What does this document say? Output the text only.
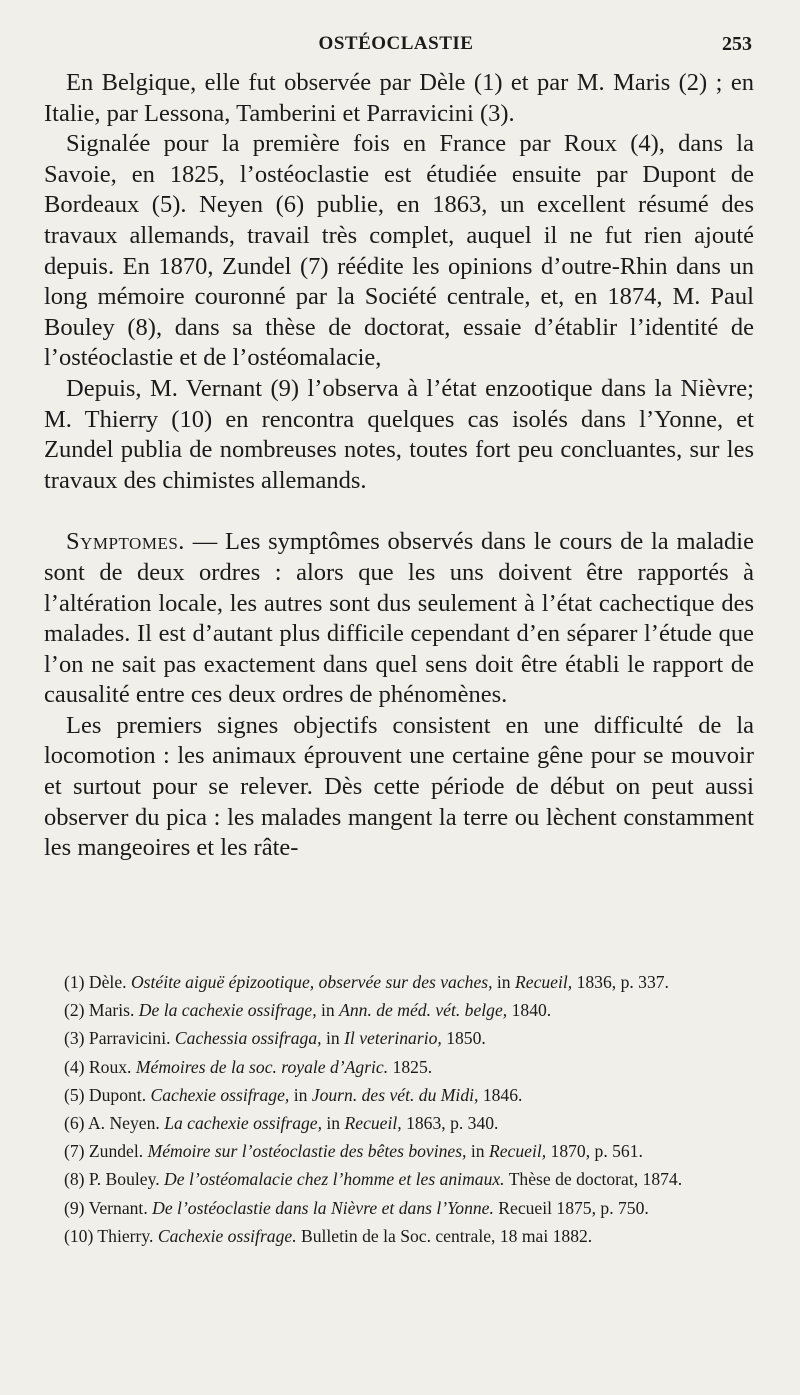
OSTÉOCLASTIE	253

En Belgique, elle fut observée par Dèle (1) et par M. Maris (2) ; en Italie, par Lessona, Tamberini et Parravicini (3).

Signalée pour la première fois en France par Roux (4), dans la Savoie, en 1825, l’ostéoclastie est étudiée ensuite par Dupont de Bordeaux (5). Neyen (6) publie, en 1863, un excellent résumé des travaux allemands, travail très complet, auquel il ne fut rien ajouté depuis. En 1870, Zundel (7) réédite les opinions d’outre-Rhin dans un long mémoire couronné par la Société centrale, et, en 1874, M. Paul Bouley (8), dans sa thèse de doctorat, essaie d’établir l’identité de l’ostéoclastie et de l’ostéomalacie,

Depuis, M. Vernant (9) l’observa à l’état enzootique dans la Nièvre; M. Thierry (10) en rencontra quelques cas isolés dans l’Yonne, et Zundel publia de nombreuses notes, toutes fort peu concluantes, sur les travaux des chimistes allemands.

Symptomes. — Les symptômes observés dans le cours de la maladie sont de deux ordres : alors que les uns doivent être rapportés à l’altération locale, les autres sont dus seulement à l’état cachectique des malades. Il est d’autant plus difficile cependant d’en séparer l’étude que l’on ne sait pas exactement dans quel sens doit être établi le rapport de causalité entre ces deux ordres de phénomènes.

Les premiers signes objectifs consistent en une difficulté de la locomotion : les animaux éprouvent une certaine gêne pour se mouvoir et surtout pour se relever. Dès cette période de début on peut aussi observer du pica : les malades mangent la terre ou lèchent constamment les mangeoires et les râte-

(1) Dèle. Ostéite aiguë épizootique, observée sur des vaches, in Recueil, 1836, p. 337.

(2) Maris. De la cachexie ossifrage, in Ann. de méd. vét. belge, 1840.

(3) Parravicini. Cachessia ossifraga, in Il veterinario, 1850.

(4) Roux. Mémoires de la soc. royale d’Agric. 1825.

(5) Dupont. Cachexie ossifrage, in Journ. des vét. du Midi, 1846.

(6) A. Neyen. La cachexie ossifrage, in Recueil, 1863, p. 340.

(7) Zundel. Mémoire sur l’ostéoclastie des bêtes bovines, in Recueil, 1870, p. 561.

(8) P. Bouley. De l’ostéomalacie chez l’homme et les animaux. Thèse de doctorat, 1874.

(9) Vernant. De l’ostéoclastie dans la Nièvre et dans l’Yonne. Recueil 1875, p. 750.

(10) Thierry. Cachexie ossifrage. Bulletin de la Soc. centrale, 18 mai 1882.
